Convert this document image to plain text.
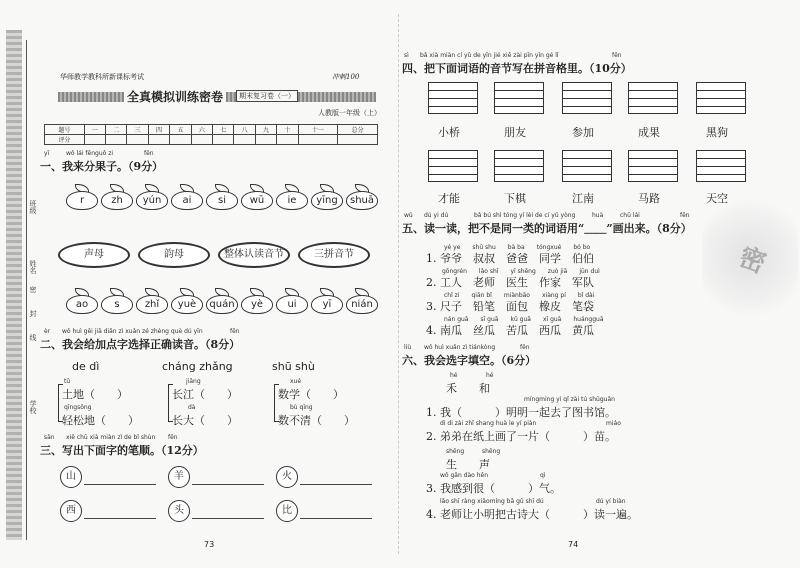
班级
姓名
密
封
线
学校
华师教学教科所新课标考试	冲刺100
全真模拟训练密卷	期末复习卷（一）
人教版一年级（上）
题号	一	二	三	四	五	六	七	八	九	十	十一	总分
评分												
yī	wǒ lái fēnguǒ zi	fēn
一、我来分果子。（9分）
èr wǒ huì gěi jiā diǎn zì xuǎn zé zhèng què dú yīn	fēn
二、我会给加点字选择正确读音。（8分）
de dì	cháng zhǎng	shū shù
tǔ
土地（　　）
qīngsōng
轻松地（　　）
jiāng
长江（　　）
dà
长大（　　）
xué
数学（　　）
bù qīng
数不清（　　）
sān xiě chū xià miàn zì de bǐ shùn fēn
三、写出下面字的笔顺。（12分）
73
sì bǎ xià miàn cí yǔ de yīn jié xiě zài pīn yīn gé lǐ	fēn
四、把下面词语的音节写在拼音格里。（10分）
wǔ dú yi dú	bǎ bú shì tóng yí lèi de cí yǔ yòng	huà	chū lái	fēn
五、读一读，把不是同一类的词语用“＿＿”画出来。（8分）
yé ye　　shū shu　　bà ba　　tóngxué　　bó bo
1. 爷爷　叔叔　爸爸　同学　伯伯
gōngrén　　lǎo shī　　yī shēng　　zuò jiā　　jūn duì
2. 工人　老师　医生　作家　军队
chǐ zi　　qiān bǐ　　miànbāo　　xiàng pí　　bǐ dài
3. 尺子　铅笔　面包　橡皮　笔袋
nán guā　　sī guā　　kǔ guā　　xī guā　　huángguā
4. 南瓜　丝瓜　苦瓜　西瓜　黄瓜
liù wǒ huì xuǎn zì tiánkòng	fēn
六、我会选字填空。（6分）
hé	hé
禾　　和
míngming yì qǐ zài tú shūguǎn
1. 我（　　　）明明一起去了图书馆。
dì di zài zhǐ shang huà le yí piàn	miáo
2. 弟弟在纸上画了一片（　　　）苗。
shēng	shēng
生　　声
wǒ gǎn dào hěn	qì
3. 我感到很（　　　）气。
lǎo shī ràng xiǎomíng bǎ gǔ shī dú	dú yí biàn
4. 老师让小明把古诗大（　　　）读一遍。
密
74
r	zh	yún	ai	si	wū	ie	yīng	shuā
声母	韵母	整体认读音节	三拼音节
ao	s	zhǐ	yuè	quán	yè	ui	yī	nián
山	羊	火
西	头	比
小桥	朋友	参加	成果	黑狗
才能	下棋	江南	马路	天空
